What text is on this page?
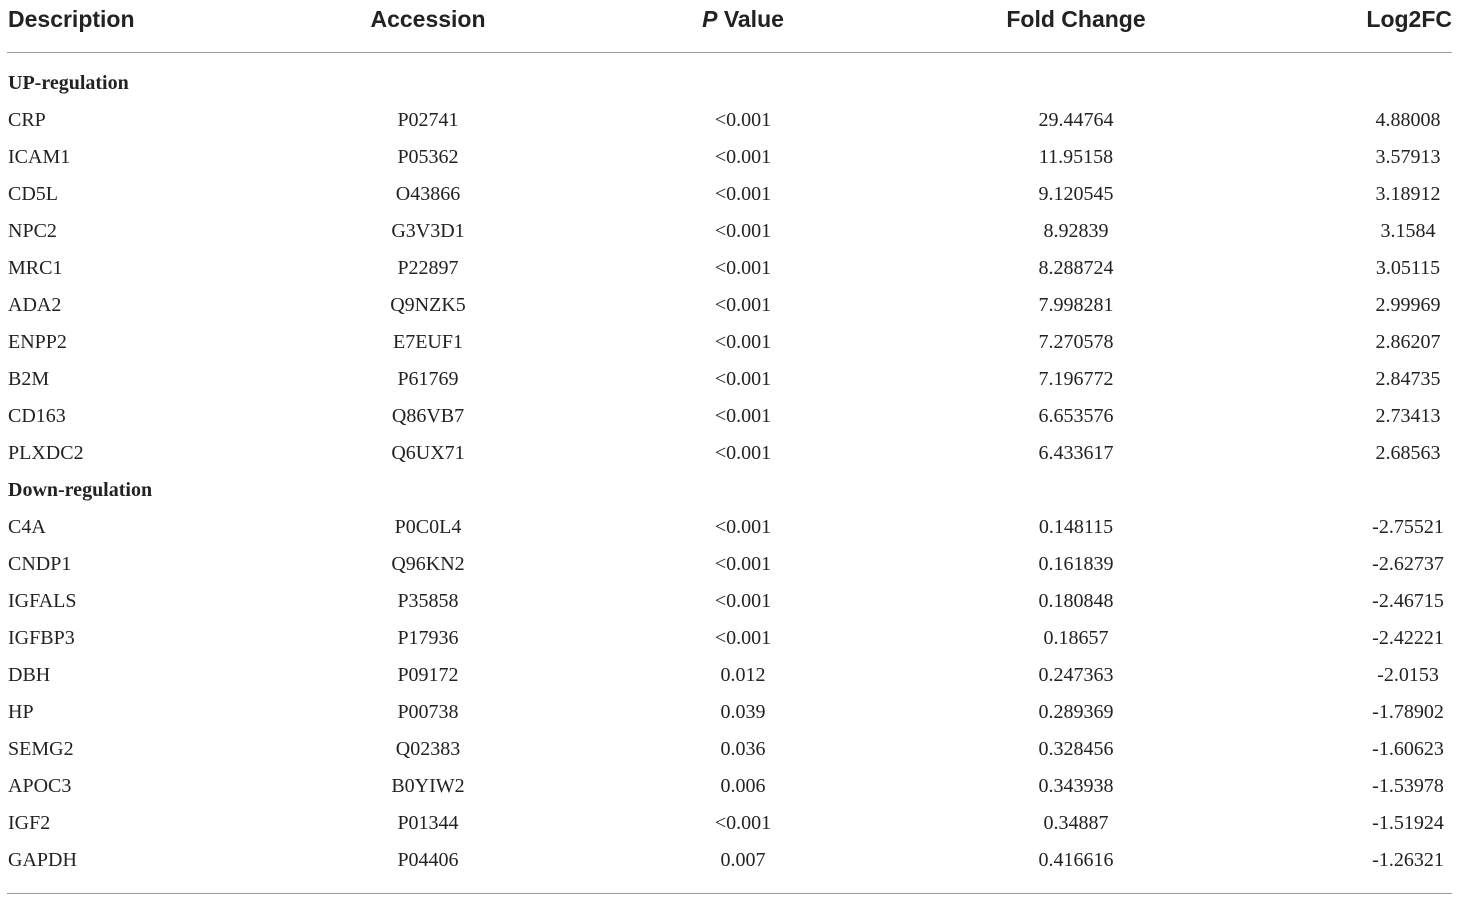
Description	Accession	P Value	Fold Change	Log2FC
UP-regulation
CRP	P02741	<0.001	29.44764	4.88008
ICAM1	P05362	<0.001	11.95158	3.57913
CD5L	O43866	<0.001	9.120545	3.18912
NPC2	G3V3D1	<0.001	8.92839	3.1584
MRC1	P22897	<0.001	8.288724	3.05115
ADA2	Q9NZK5	<0.001	7.998281	2.99969
ENPP2	E7EUF1	<0.001	7.270578	2.86207
B2M	P61769	<0.001	7.196772	2.84735
CD163	Q86VB7	<0.001	6.653576	2.73413
PLXDC2	Q6UX71	<0.001	6.433617	2.68563
Down-regulation
C4A	P0C0L4	<0.001	0.148115	-2.75521
CNDP1	Q96KN2	<0.001	0.161839	-2.62737
IGFALS	P35858	<0.001	0.180848	-2.46715
IGFBP3	P17936	<0.001	0.18657	-2.42221
DBH	P09172	0.012	0.247363	-2.0153
HP	P00738	0.039	0.289369	-1.78902
SEMG2	Q02383	0.036	0.328456	-1.60623
APOC3	B0YIW2	0.006	0.343938	-1.53978
IGF2	P01344	<0.001	0.34887	-1.51924
GAPDH	P04406	0.007	0.416616	-1.26321
